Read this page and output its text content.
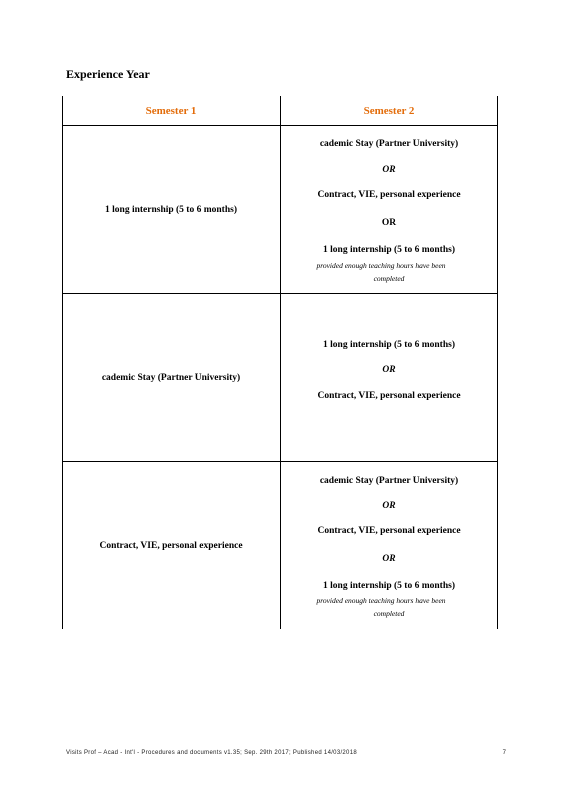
Experience Year
Semester 1	Semester 2
1 long internship (5 to 6 months)
cademic Stay (Partner University)
OR
Contract, VIE, personal experience
OR
1 long internship (5 to 6 months)
provided enough teaching hours have been
completed
cademic Stay (Partner University)
1 long internship (5 to 6 months)
OR
Contract, VIE, personal experience
Contract, VIE, personal experience
cademic Stay (Partner University)
OR
Contract, VIE, personal experience
OR
1 long internship (5 to 6 months)
provided enough teaching hours have been
completed
Visits Prof – Acad - Int'l - Procedures and documents v1.35; Sep. 29th 2017; Published 14/03/2018	7
